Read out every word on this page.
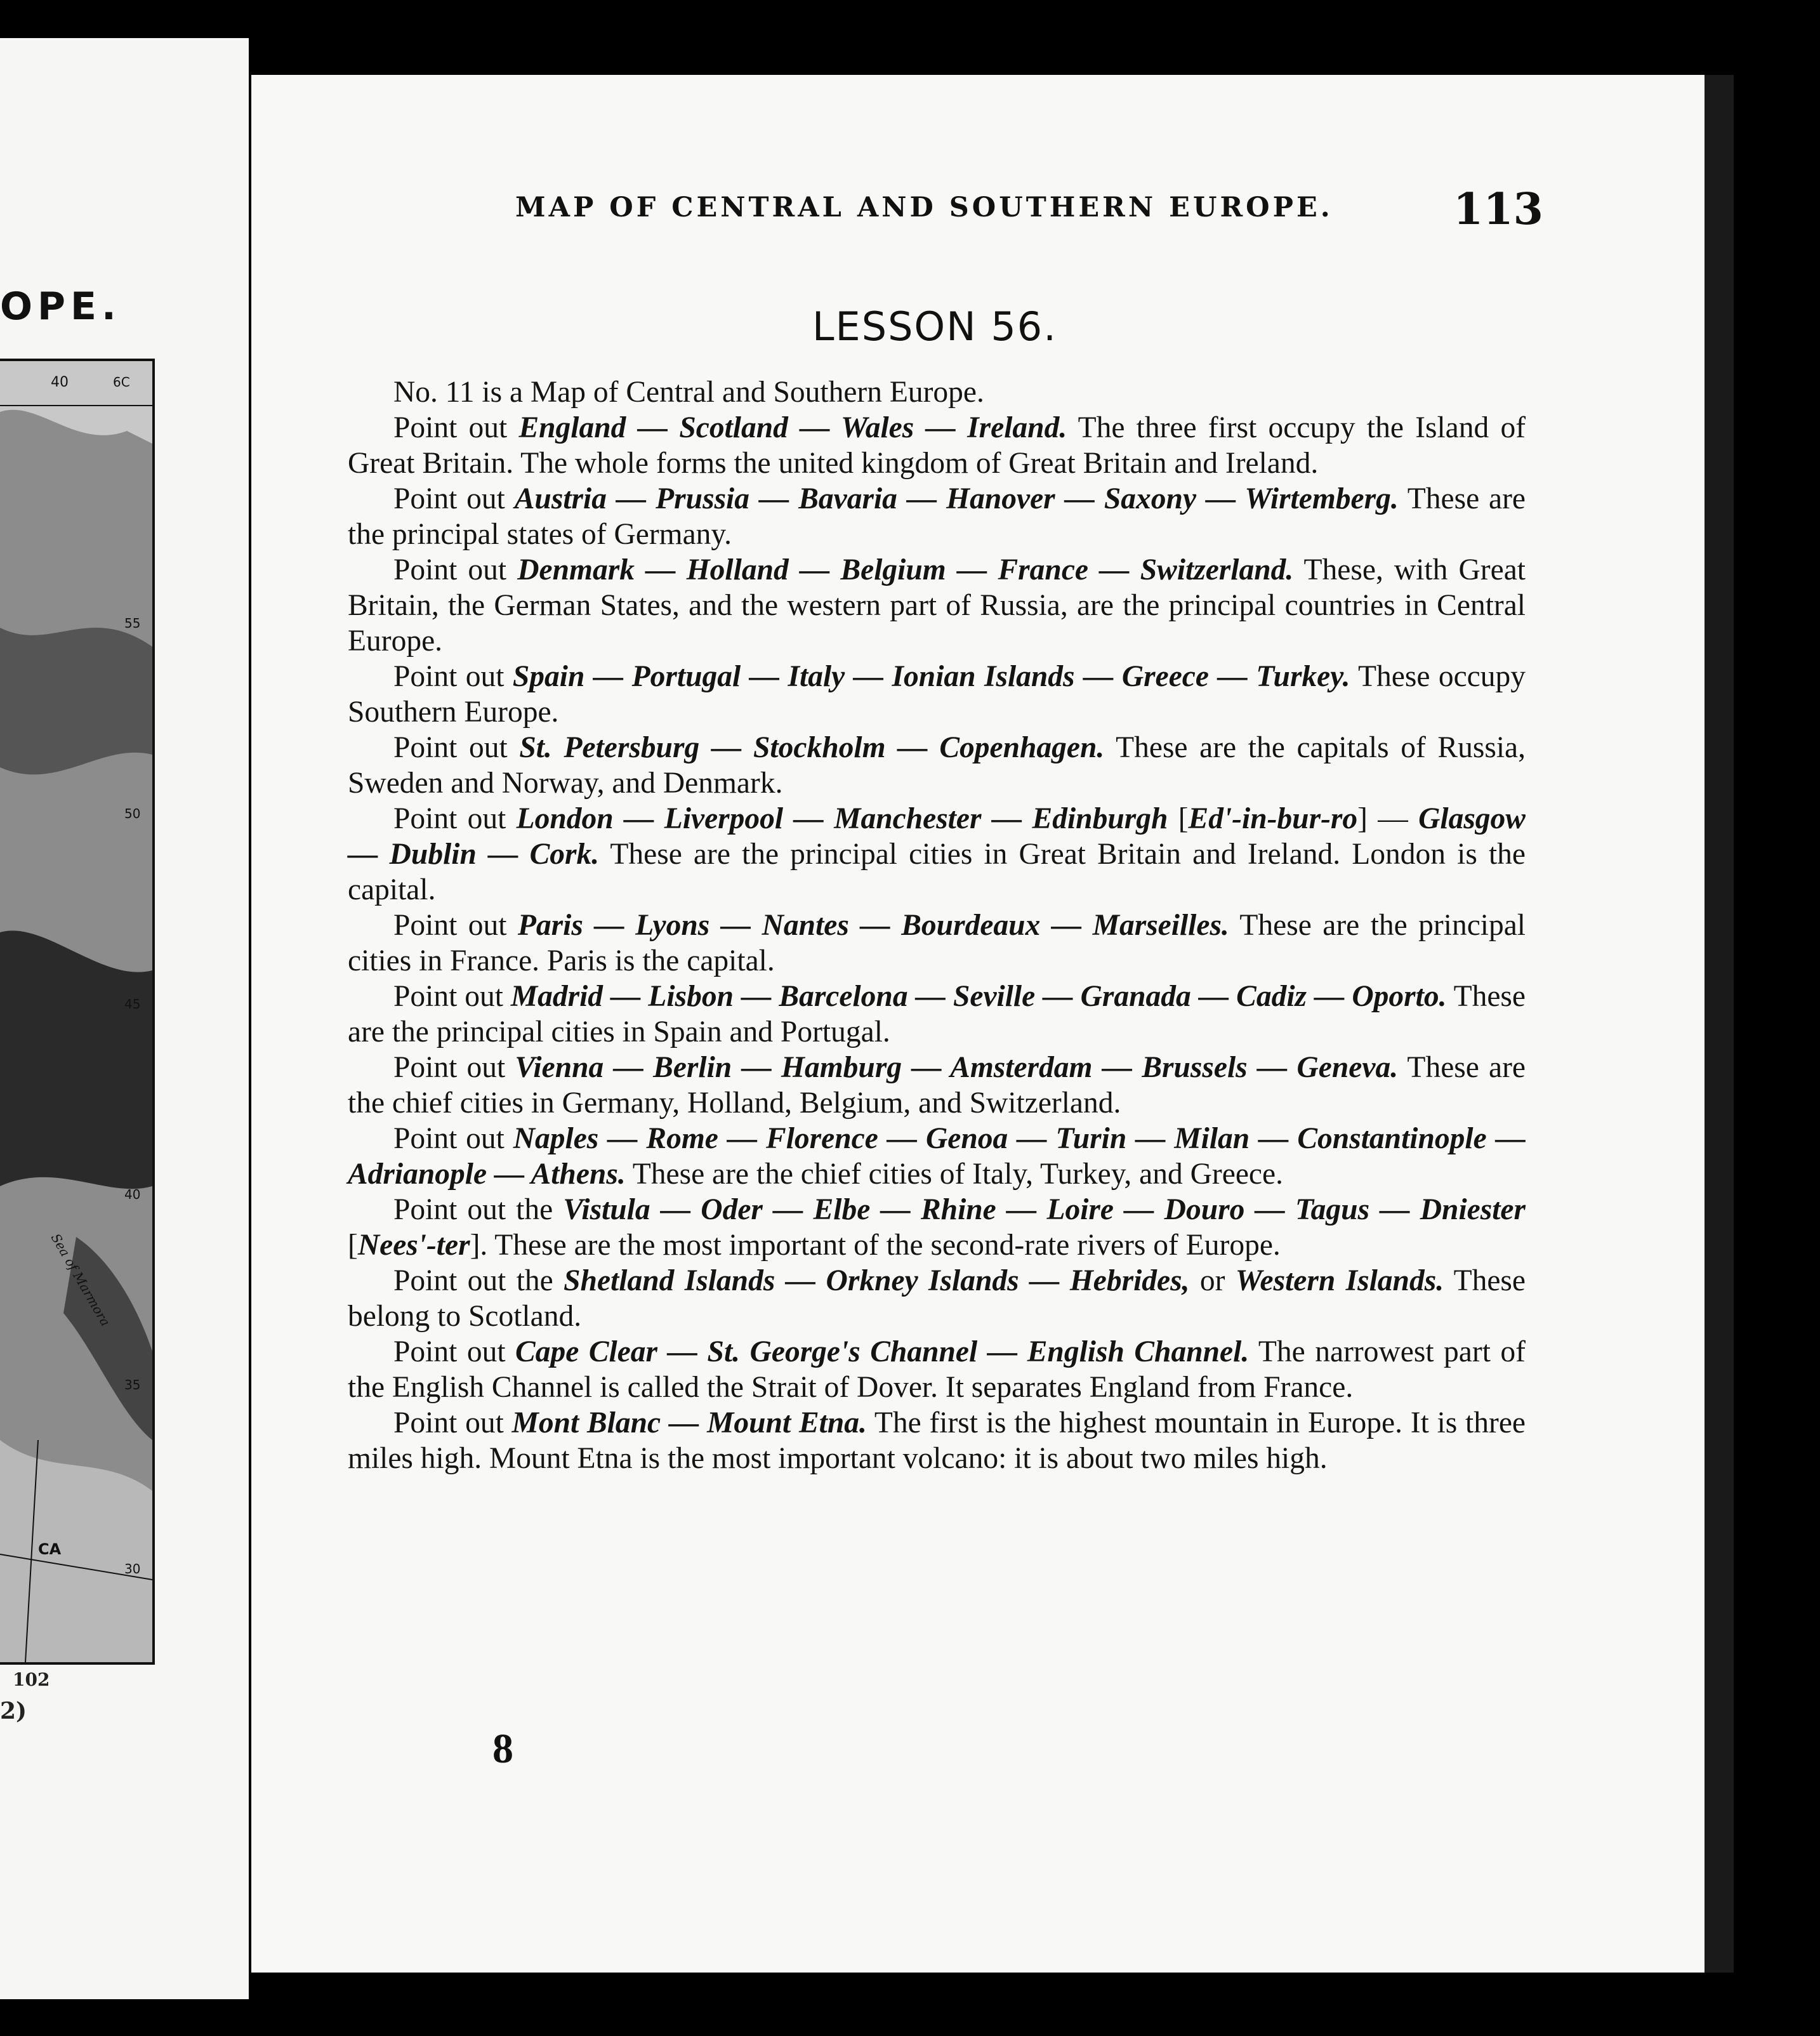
OPE.
40	6C
55
50
45
40
35
30
Sea of Marmora
CA
102
2)
MAP OF CENTRAL AND SOUTHERN EUROPE.	113
LESSON 56.

No. 11 is a Map of Central and Southern Europe.

Point out England — Scotland — Wales — Ireland. The three first occupy the Island of Great Britain. The whole forms the united kingdom of Great Britain and Ireland.

Point out Austria — Prussia — Bavaria — Hanover — Saxony — Wirtemberg. These are the principal states of Germany.

Point out Denmark — Holland — Belgium — France — Switzerland. These, with Great Britain, the German States, and the western part of Russia, are the principal countries in Central Europe.

Point out Spain — Portugal — Italy — Ionian Islands — Greece — Turkey. These occupy Southern Europe.

Point out St. Petersburg — Stockholm — Copenhagen. These are the capitals of Russia, Sweden and Norway, and Denmark.

Point out London — Liverpool — Manchester — Edinburgh [Ed'-in-bur-ro] — Glasgow — Dublin — Cork. These are the principal cities in Great Britain and Ireland. London is the capital.

Point out Paris — Lyons — Nantes — Bourdeaux — Marseilles. These are the principal cities in France. Paris is the capital.

Point out Madrid — Lisbon — Barcelona — Seville — Granada — Cadiz — Oporto. These are the principal cities in Spain and Portugal.

Point out Vienna — Berlin — Hamburg — Amsterdam — Brussels — Geneva. These are the chief cities in Germany, Holland, Belgium, and Switzerland.

Point out Naples — Rome — Florence — Genoa — Turin — Milan — Constantinople — Adrianople — Athens. These are the chief cities of Italy, Turkey, and Greece.

Point out the Vistula — Oder — Elbe — Rhine — Loire — Douro — Tagus — Dniester [Nees'-ter]. These are the most important of the second-rate rivers of Europe.

Point out the Shetland Islands — Orkney Islands — Hebrides, or Western Islands. These belong to Scotland.

Point out Cape Clear — St. George's Channel — English Channel. The narrowest part of the English Channel is called the Strait of Dover. It separates England from France.

Point out Mont Blanc — Mount Etna. The first is the highest mountain in Europe. It is three miles high. Mount Etna is the most important volcano: it is about two miles high.

8
